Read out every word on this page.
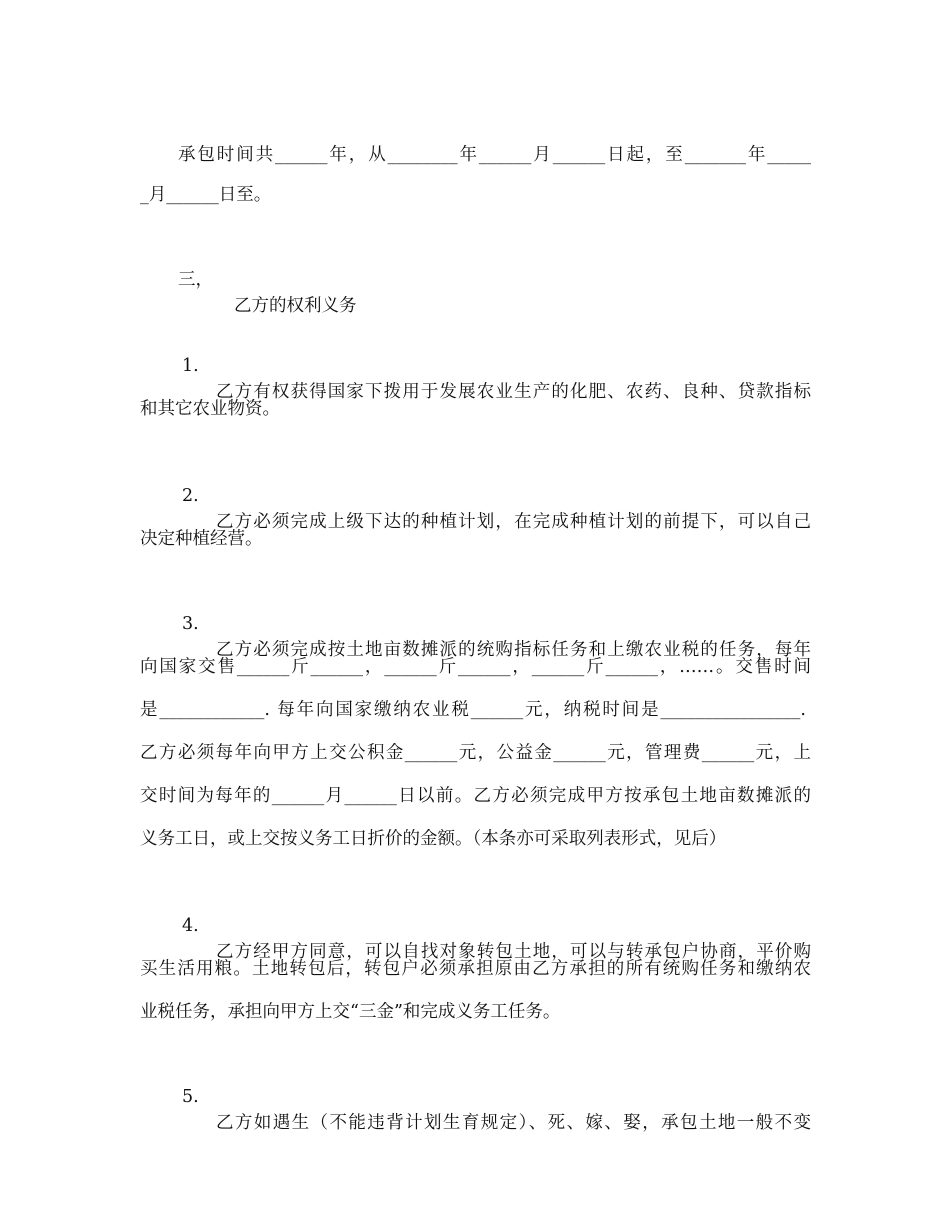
承包时间共______年，从________年______月______日起，至_______年_____

_月______日至。

三，

乙方的权利义务

1.

乙方有权获得国家下拨用于发展农业生产的化肥、农药、良种、贷款指标

和其它农业物资。

2.

乙方必须完成上级下达的种植计划，在完成种植计划的前提下，可以自己

决定种植经营。

3.

乙方必须完成按土地亩数摊派的统购指标任务和上缴农业税的任务，每年

向国家交售______斤______，______斤______，______斤______，……。交售时间

是____________. 每年向国家缴纳农业税______元，纳税时间是________________.

乙方必须每年向甲方上交公积金______元，公益金______元，管理费______元，上

交时间为每年的______月______日以前。乙方必须完成甲方按承包土地亩数摊派的

义务工日，或上交按义务工日折价的金额。（本条亦可采取列表形式，见后）

4.

乙方经甲方同意，可以自找对象转包土地，可以与转承包户协商，平价购

买生活用粮。土地转包后，转包户必须承担原由乙方承担的所有统购任务和缴纳农

业税任务，承担向甲方上交“三金”和完成义务工任务。

5.

乙方如遇生（不能违背计划生育规定）、死、嫁、娶，承包土地一般不变
